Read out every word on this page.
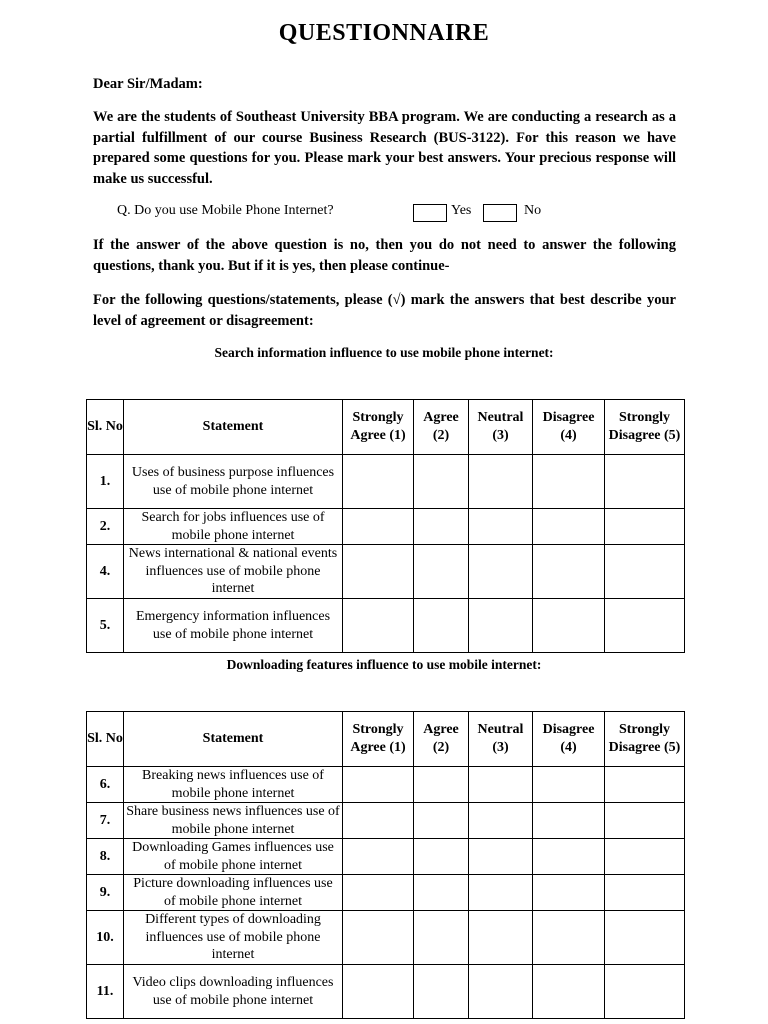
QUESTIONNAIRE
Dear Sir/Madam:
We are the students of Southeast University BBA program. We are conducting a research as a partial fulfillment of our course Business Research (BUS-3122). For this reason we have prepared some questions for you. Please mark your best answers. Your precious response will make us successful.
Q. Do you use Mobile Phone Internet?	Yes	No
If the answer of the above question is no, then you do not need to answer the following questions, thank you. But if it is yes, then please continue-
For the following questions/statements, please (√) mark the answers that best describe your level of agreement or disagreement:
Search information influence to use mobile phone internet:
Sl. No	Statement	Strongly Agree (1)	Agree (2)	Neutral (3)	Disagree (4)	Strongly Disagree (5)
1.	Uses of business purpose influences use of mobile phone internet					
2.	Search for jobs influences use of mobile phone internet					
4.	News international & national events influences use of mobile phone internet					
5.	Emergency information influences use of mobile phone internet					
Downloading features influence to use mobile internet:
Sl. No	Statement	Strongly Agree (1)	Agree (2)	Neutral (3)	Disagree (4)	Strongly Disagree (5)
6.	Breaking news influences use of mobile phone internet					
7.	Share business news influences use of mobile phone internet					
8.	Downloading Games influences use of mobile phone internet					
9.	Picture downloading influences use of mobile phone internet					
10.	Different types of downloading influences use of mobile phone internet					
11.	Video clips downloading influences use of mobile phone internet					
